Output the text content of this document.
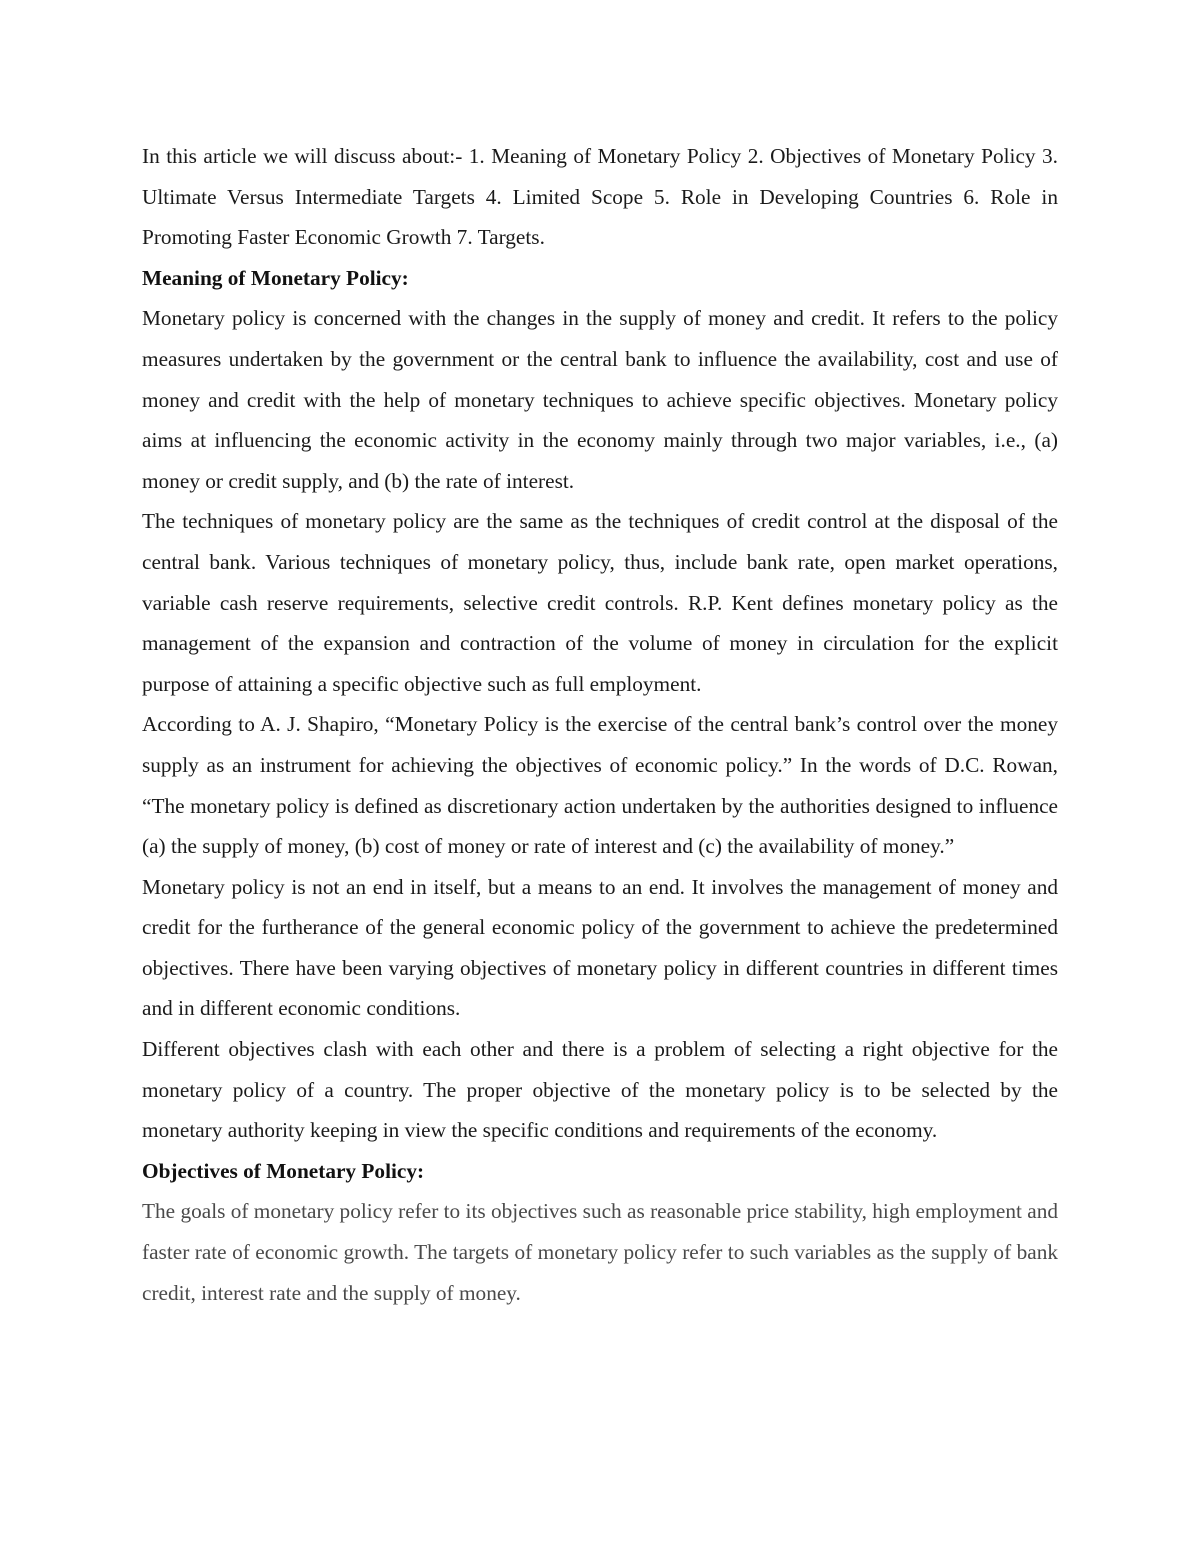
In this article we will discuss about:- 1. Meaning of Monetary Policy 2. Objectives of Monetary Policy 3. Ultimate Versus Intermediate Targets 4. Limited Scope 5. Role in Developing Countries 6. Role in Promoting Faster Economic Growth 7. Targets.

Meaning of Monetary Policy:

Monetary policy is concerned with the changes in the supply of money and credit. It refers to the policy measures undertaken by the government or the central bank to influence the availability, cost and use of money and credit with the help of monetary techniques to achieve specific objectives. Monetary policy aims at influencing the economic activity in the economy mainly through two major variables, i.e., (a) money or credit supply, and (b) the rate of interest.

The techniques of monetary policy are the same as the techniques of credit control at the disposal of the central bank. Various techniques of monetary policy, thus, include bank rate, open market operations, variable cash reserve requirements, selective credit controls. R.P. Kent defines monetary policy as the management of the expansion and contraction of the volume of money in circulation for the explicit purpose of attaining a specific objective such as full employment.

According to A. J. Shapiro, “Monetary Policy is the exercise of the central bank’s control over the money supply as an instrument for achieving the objectives of economic policy.” In the words of D.C. Rowan, “The monetary policy is defined as discretionary action undertaken by the authorities designed to influence (a) the supply of money, (b) cost of money or rate of interest and (c) the availability of money.”

Monetary policy is not an end in itself, but a means to an end. It involves the management of money and credit for the furtherance of the general economic policy of the government to achieve the predetermined objectives. There have been varying objectives of monetary policy in different countries in different times and in different economic conditions.

Different objectives clash with each other and there is a problem of selecting a right objective for the monetary policy of a country. The proper objective of the monetary policy is to be selected by the monetary authority keeping in view the specific conditions and requirements of the economy.

Objectives of Monetary Policy:

The goals of monetary policy refer to its objectives such as reasonable price stability, high employment and faster rate of economic growth. The targets of monetary policy refer to such variables as the supply of bank credit, interest rate and the supply of money.
